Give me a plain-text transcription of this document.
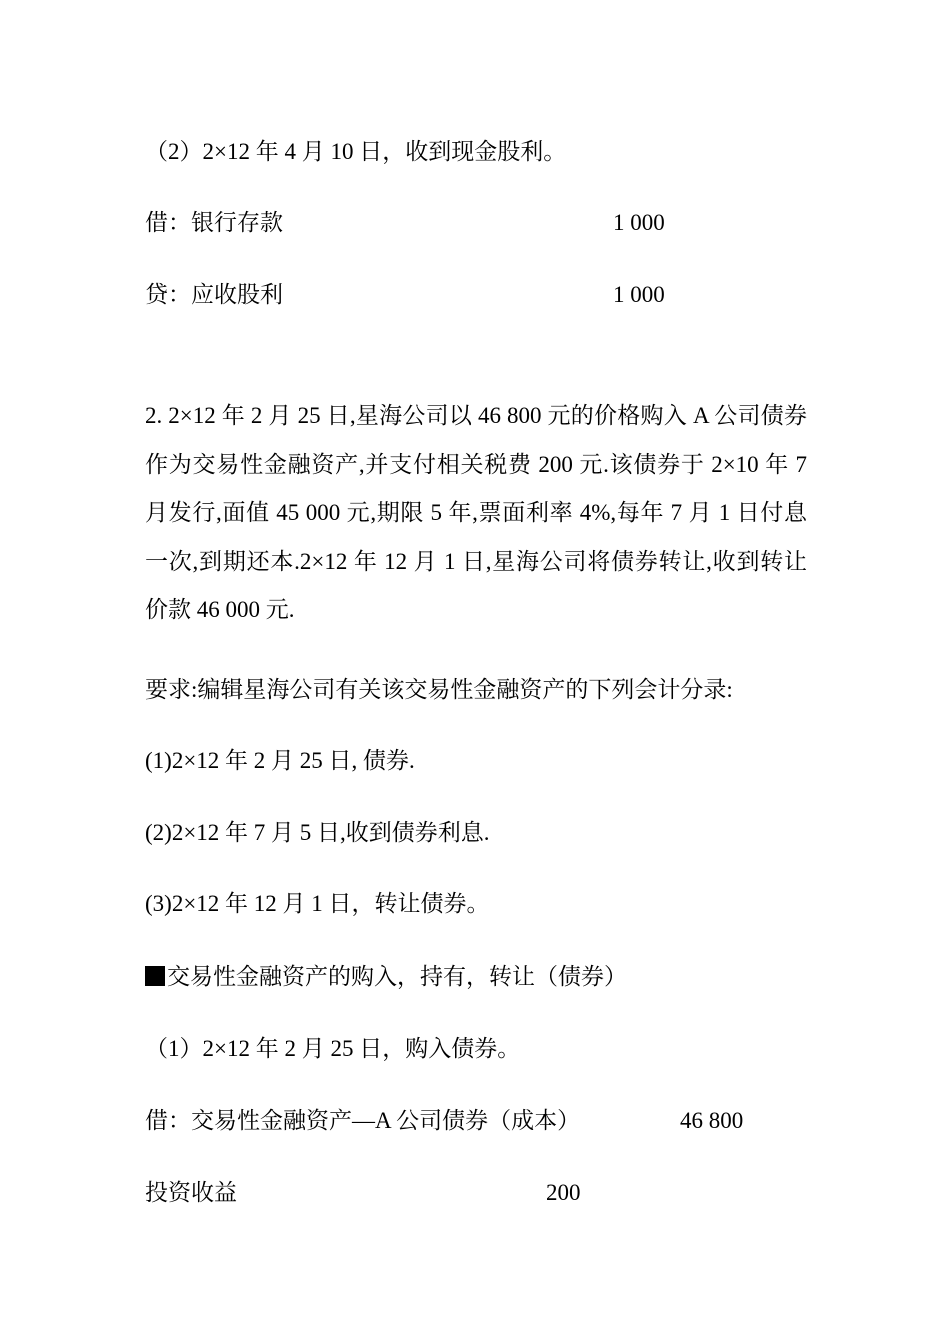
（2）2×12 年 4 月 10 日，收到现金股利。
借：银行存款	1 000
贷：应收股利	1 000
2. 2×12 年 2 月 25 日,星海公司以 46 800 元的价格购入 A 公司债券作为交易性金融资产,并支付相关税费 200 元.该债券于 2×10 年 7 月发行,面值 45 000 元,期限 5 年,票面利率 4%,每年 7 月 1 日付息一次,到期还本.2×12 年 12 月 1 日,星海公司将债券转让,收到转让价款 46 000 元.
要求:编辑星海公司有关该交易性金融资产的下列会计分录:
(1)2×12 年 2 月 25 日, 债券.
(2)2×12 年 7 月 5 日,收到债券利息.
(3)2×12 年 12 月 1 日，转让债券。
交易性金融资产的购入，持有，转让（债券）
（1）2×12 年 2 月 25 日，购入债券。
借：交易性金融资产—A 公司债券（成本）	46 800
投资收益	200
